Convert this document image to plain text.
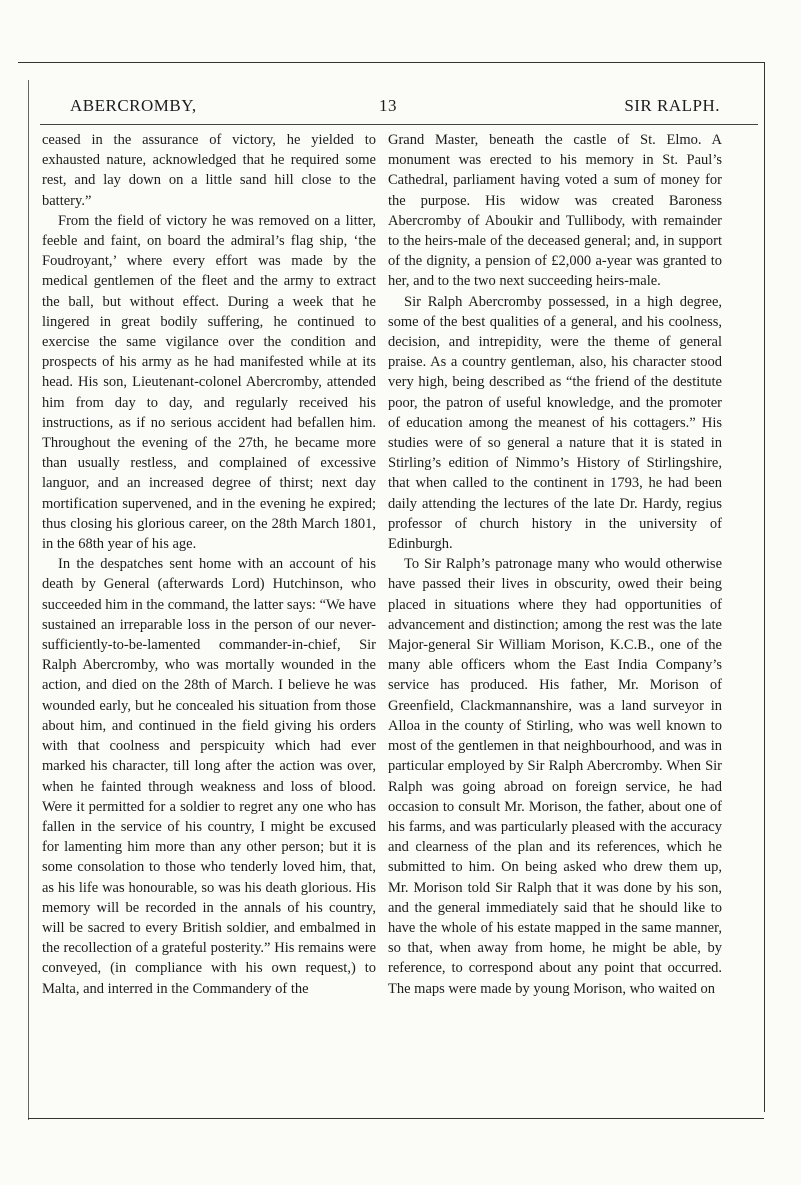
ABERCROMBY,	13	SIR RALPH.

ceased in the assurance of victory, he yielded to exhausted nature, acknowledged that he required some rest, and lay down on a little sand hill close to the battery.”

From the field of victory he was removed on a litter, feeble and faint, on board the admiral’s flag ship, ‘the Foudroyant,’ where every effort was made by the medical gentlemen of the fleet and the army to extract the ball, but without effect. During a week that he lingered in great bodily suffering, he continued to exercise the same vigilance over the condition and prospects of his army as he had manifested while at its head. His son, Lieutenant-colonel Abercromby, attended him from day to day, and regularly received his instructions, as if no serious accident had befallen him. Throughout the evening of the 27th, he became more than usually restless, and complained of excessive languor, and an increased degree of thirst; next day mortification supervened, and in the evening he expired; thus closing his glorious career, on the 28th March 1801, in the 68th year of his age.

In the despatches sent home with an account of his death by General (afterwards Lord) Hutchinson, who succeeded him in the command, the latter says: “We have sustained an irreparable loss in the person of our never-sufficiently-to-be-lamented commander-in-chief, Sir Ralph Abercromby, who was mortally wounded in the action, and died on the 28th of March. I believe he was wounded early, but he concealed his situation from those about him, and continued in the field giving his orders with that coolness and perspicuity which had ever marked his character, till long after the action was over, when he fainted through weakness and loss of blood. Were it permitted for a soldier to regret any one who has fallen in the service of his country, I might be excused for lamenting him more than any other person; but it is some consolation to those who tenderly loved him, that, as his life was honourable, so was his death glorious. His memory will be recorded in the annals of his country, will be sacred to every British soldier, and embalmed in the recollection of a grateful posterity.” His remains were conveyed, (in compliance with his own request,) to Malta, and interred in the Commandery of the

Grand Master, beneath the castle of St. Elmo. A monument was erected to his memory in St. Paul’s Cathedral, parliament having voted a sum of money for the purpose. His widow was created Baroness Abercromby of Aboukir and Tullibody, with remainder to the heirs-male of the deceased general; and, in support of the dignity, a pension of £2,000 a-year was granted to her, and to the two next succeeding heirs-male.

Sir Ralph Abercromby possessed, in a high degree, some of the best qualities of a general, and his coolness, decision, and intrepidity, were the theme of general praise. As a country gentleman, also, his character stood very high, being described as “the friend of the destitute poor, the patron of useful knowledge, and the promoter of education among the meanest of his cottagers.” His studies were of so general a nature that it is stated in Stirling’s edition of Nimmo’s History of Stirlingshire, that when called to the continent in 1793, he had been daily attending the lectures of the late Dr. Hardy, regius professor of church history in the university of Edinburgh.

To Sir Ralph’s patronage many who would otherwise have passed their lives in obscurity, owed their being placed in situations where they had opportunities of advancement and distinction; among the rest was the late Major-general Sir William Morison, K.C.B., one of the many able officers whom the East India Company’s service has produced. His father, Mr. Morison of Greenfield, Clackmannanshire, was a land surveyor in Alloa in the county of Stirling, who was well known to most of the gentlemen in that neighbourhood, and was in particular employed by Sir Ralph Abercromby. When Sir Ralph was going abroad on foreign service, he had occasion to consult Mr. Morison, the father, about one of his farms, and was particularly pleased with the accuracy and clearness of the plan and its references, which he submitted to him. On being asked who drew them up, Mr. Morison told Sir Ralph that it was done by his son, and the general immediately said that he should like to have the whole of his estate mapped in the same manner, so that, when away from home, he might be able, by reference, to correspond about any point that occurred. The maps were made by young Morison, who waited on
